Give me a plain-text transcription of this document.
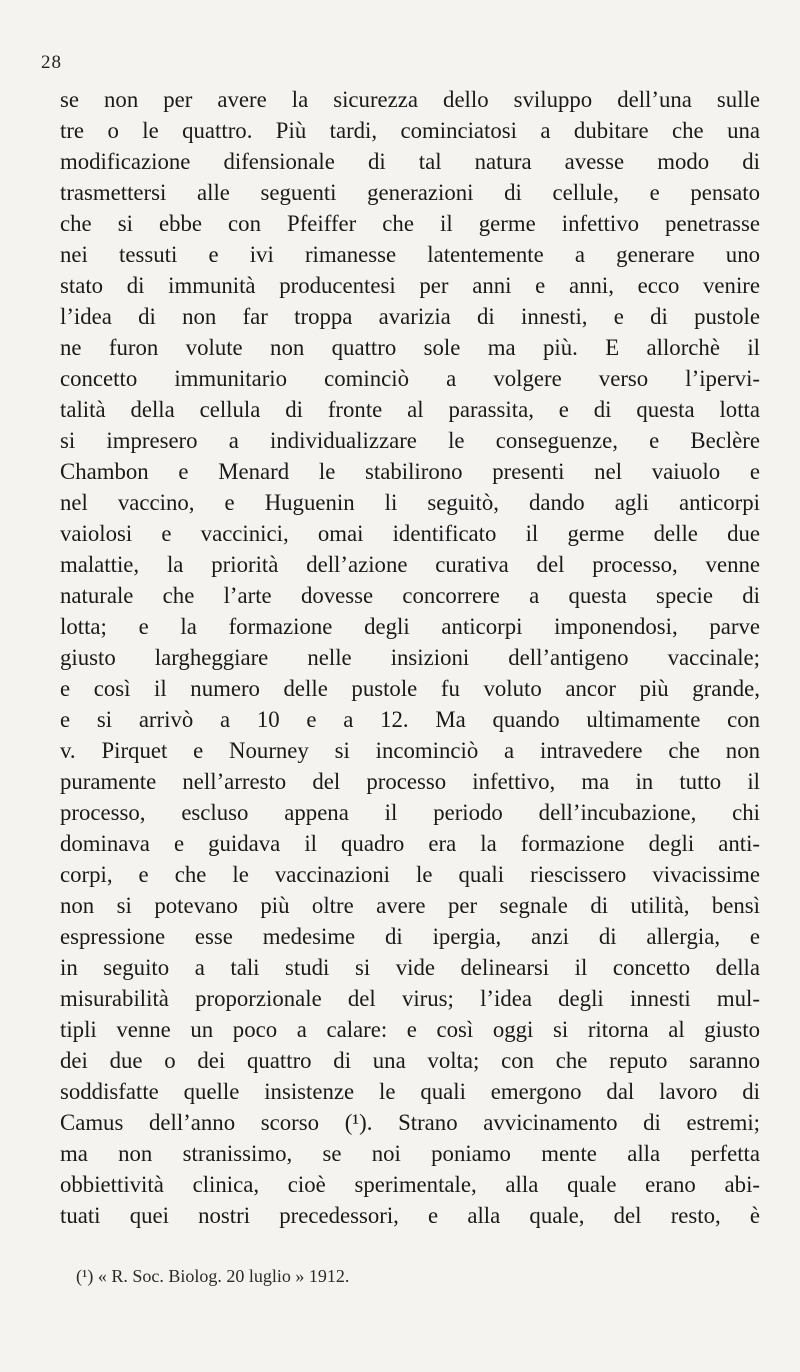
28
se non per avere la sicurezza dello sviluppo dell’una sulle
tre o le quattro. Più tardi, cominciatosi a dubitare che una
modificazione difensionale di tal natura avesse modo di
trasmettersi alle seguenti generazioni di cellule, e pensato
che si ebbe con Pfeiffer che il germe infettivo penetrasse
nei tessuti e ivi rimanesse latentemente a generare uno
stato di immunità producentesi per anni e anni, ecco venire
l’idea di non far troppa avarizia di innesti, e di pustole
ne furon volute non quattro sole ma più. E allorchè il
concetto immunitario cominciò a volgere verso l’ipervi-
talità della cellula di fronte al parassita, e di questa lotta
si impresero a individualizzare le conseguenze, e Beclère
Chambon e Menard le stabilirono presenti nel vaiuolo e
nel vaccino, e Huguenin li seguitò, dando agli anticorpi
vaiolosi e vaccinici, omai identificato il germe delle due
malattie, la priorità dell’azione curativa del processo, venne
naturale che l’arte dovesse concorrere a questa specie di
lotta; e la formazione degli anticorpi imponendosi, parve
giusto largheggiare nelle insizioni dell’antigeno vaccinale;
e così il numero delle pustole fu voluto ancor più grande,
e si arrivò a 10 e a 12. Ma quando ultimamente con
v. Pirquet e Nourney si incominciò a intravedere che non
puramente nell’arresto del processo infettivo, ma in tutto il
processo, escluso appena il periodo dell’incubazione, chi
dominava e guidava il quadro era la formazione degli anti-
corpi, e che le vaccinazioni le quali riescissero vivacissime
non si potevano più oltre avere per segnale di utilità, bensì
espressione esse medesime di ipergia, anzi di allergia, e
in seguito a tali studi si vide delinearsi il concetto della
misurabilità proporzionale del virus; l’idea degli innesti mul-
tipli venne un poco a calare: e così oggi si ritorna al giusto
dei due o dei quattro di una volta; con che reputo saranno
soddisfatte quelle insistenze le quali emergono dal lavoro di
Camus dell’anno scorso (¹). Strano avvicinamento di estremi;
ma non stranissimo, se noi poniamo mente alla perfetta
obbiettività clinica, cioè sperimentale, alla quale erano abi-
tuati quei nostri precedessori, e alla quale, del resto, è
(¹) « R. Soc. Biolog. 20 luglio » 1912.
